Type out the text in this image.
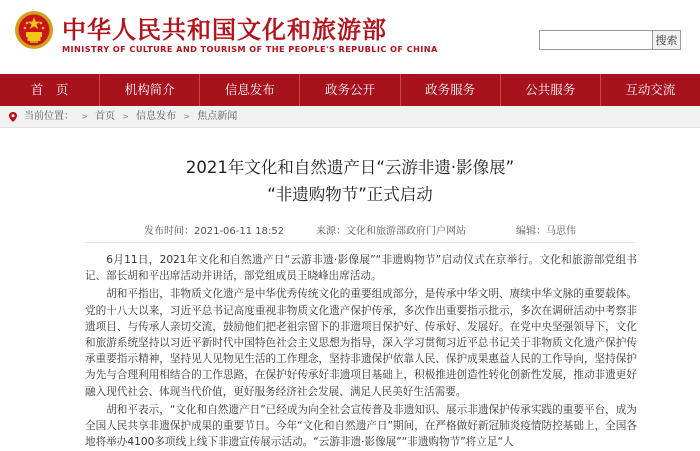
中华人民共和国文化和旅游部
MINISTRY OF CULTURE AND TOURISM OF THE PEOPLE'S REPUBLIC OF CHINA
搜索
首　页	机构简介	信息发布	政务公开	政务服务	公共服务	互动交流
当前位置： > 首页 > 信息发布 > 焦点新闻
2021年文化和自然遗产日“云游非遗·影像展”
“非遗购物节”正式启动
发布时间：2021-06-11 18:52	来源：文化和旅游部政府门户网站	编辑：马思伟

6月11日，2021年文化和自然遗产日“云游非遗·影像展”“非遗购物节”启动仪式在京举行。文化和旅游部党组书记、部长胡和平出席活动并讲话，部党组成员王晓峰出席活动。

胡和平指出，非物质文化遗产是中华优秀传统文化的重要组成部分，是传承中华文明、赓续中华文脉的重要载体。党的十八大以来，习近平总书记高度重视非物质文化遗产保护传承，多次作出重要指示批示，多次在调研活动中考察非遗项目、与传承人亲切交流，鼓励他们把老祖宗留下的非遗项目保护好、传承好、发展好。在党中央坚强领导下，文化和旅游系统坚持以习近平新时代中国特色社会主义思想为指导，深入学习贯彻习近平总书记关于非物质文化遗产保护传承重要指示精神，坚持见人见物见生活的工作理念，坚持非遗保护依靠人民、保护成果惠益人民的工作导向，坚持保护为先与合理利用相结合的工作思路，在保护好传承好非遗项目基础上，积极推进创造性转化创新性发展，推动非遗更好融入现代社会、体现当代价值，更好服务经济社会发展、满足人民美好生活需要。

胡和平表示，“文化和自然遗产日”已经成为向全社会宣传普及非遗知识、展示非遗保护传承实践的重要平台，成为全国人民共享非遗保护成果的重要节日。今年“文化和自然遗产日”期间，在严格做好新冠肺炎疫情防控基础上，全国各地将举办4100多项线上线下非遗宣传展示活动。“云游非遗·影像展”“非遗购物节”将立足“人
